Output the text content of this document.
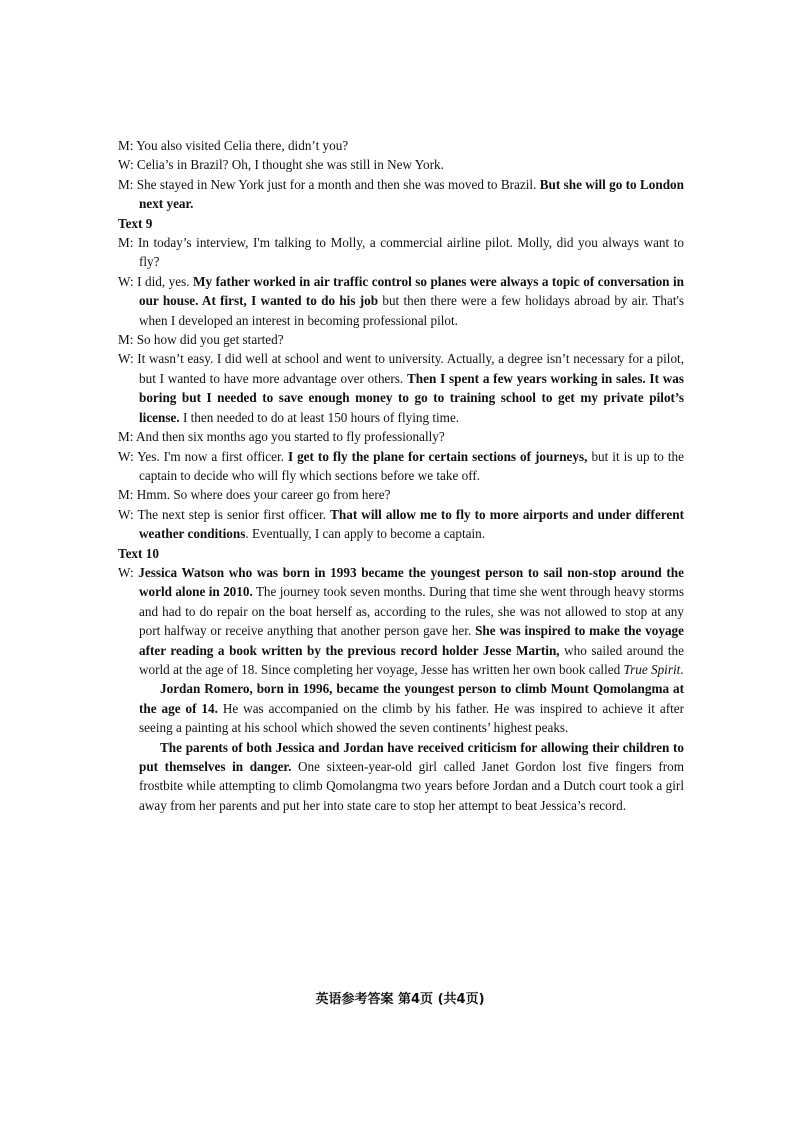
M: You also visited Celia there, didn’t you?

W: Celia’s in Brazil? Oh, I thought she was still in New York.

M: She stayed in New York just for a month and then she was moved to Brazil. But she will go to London next year.

Text 9

M: In today’s interview, I'm talking to Molly, a commercial airline pilot. Molly, did you always want to fly?

W: I did, yes. My father worked in air traffic control so planes were always a topic of conversation in our house. At first, I wanted to do his job but then there were a few holidays abroad by air. That's when I developed an interest in becoming professional pilot.

M: So how did you get started?

W: It wasn’t easy. I did well at school and went to university. Actually, a degree isn’t necessary for a pilot, but I wanted to have more advantage over others. Then I spent a few years working in sales. It was boring but I needed to save enough money to go to training school to get my private pilot’s license. I then needed to do at least 150 hours of flying time.

M: And then six months ago you started to fly professionally?

W: Yes. I'm now a first officer. I get to fly the plane for certain sections of journeys, but it is up to the captain to decide who will fly which sections before we take off.

M: Hmm. So where does your career go from here?

W: The next step is senior first officer. That will allow me to fly to more airports and under different weather conditions. Eventually, I can apply to become a captain.

Text 10

W: Jessica Watson who was born in 1993 became the youngest person to sail non-stop around the world alone in 2010. The journey took seven months. During that time she went through heavy storms and had to do repair on the boat herself as, according to the rules, she was not allowed to stop at any port halfway or receive anything that another person gave her. She was inspired to make the voyage after reading a book written by the previous record holder Jesse Martin, who sailed around the world at the age of 18. Since completing her voyage, Jesse has written her own book called True Spirit.

Jordan Romero, born in 1996, became the youngest person to climb Mount Qomolangma at the age of 14. He was accompanied on the climb by his father. He was inspired to achieve it after seeing a painting at his school which showed the seven continents’ highest peaks.

The parents of both Jessica and Jordan have received criticism for allowing their children to put themselves in danger. One sixteen-year-old girl called Janet Gordon lost five fingers from frostbite while attempting to climb Qomolangma two years before Jordan and a Dutch court took a girl away from her parents and put her into state care to stop her attempt to beat Jessica’s record.

英语参考答案 第4页 (共4页)
